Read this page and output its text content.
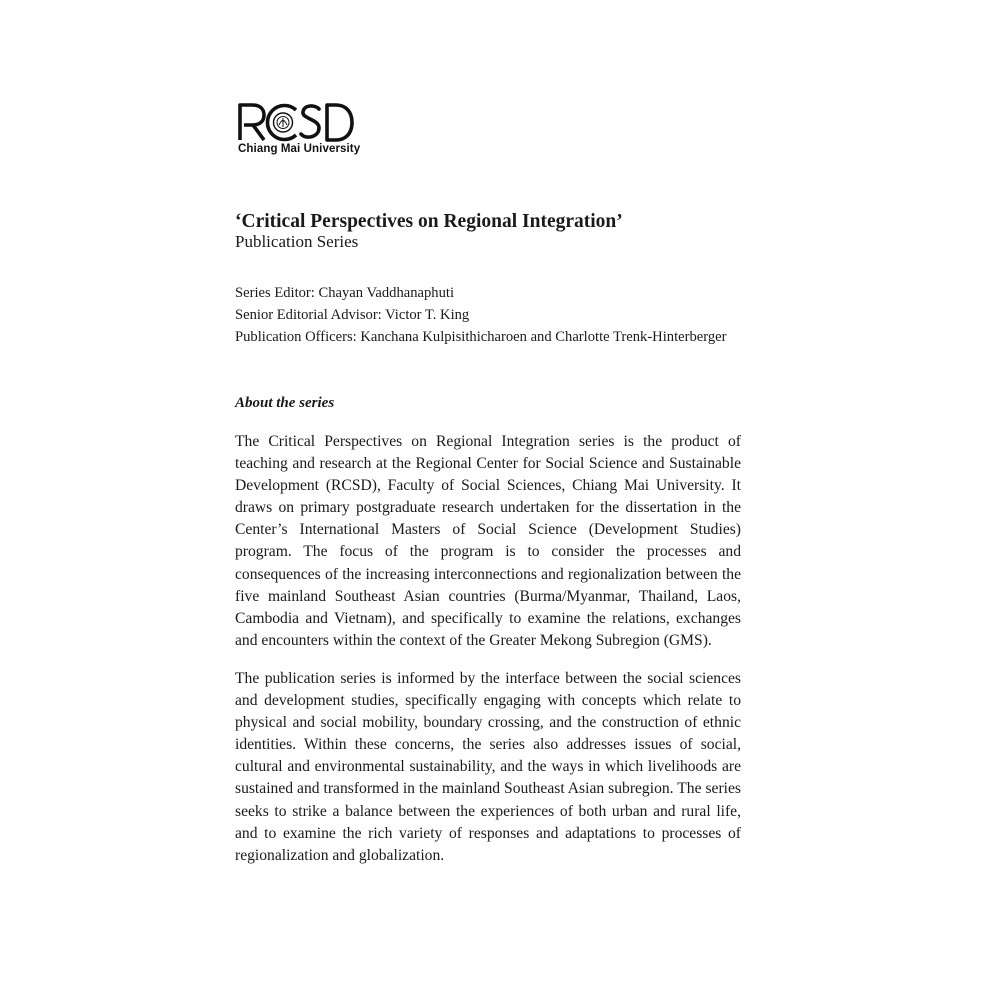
Chiang Mai University
‘Critical Perspectives on Regional Integration’
Publication Series
Series Editor: Chayan Vaddhanaphuti
Senior Editorial Advisor: Victor T. King
Publication Officers: Kanchana Kulpisithicharoen and Charlotte Trenk-Hinterberger
About the series

The Critical Perspectives on Regional Integration series is the product of teaching and research at the Regional Center for Social Science and Sustainable Development (RCSD), Faculty of Social Sciences, Chiang Mai University. It draws on primary postgraduate research undertaken for the dissertation in the Center’s International Masters of Social Science (Development Studies) program. The focus of the program is to consider the processes and consequences of the increasing interconnections and regionalization between the five mainland Southeast Asian countries (Burma/Myanmar, Thailand, Laos, Cambodia and Vietnam), and specifically to examine the relations, exchanges and encounters within the context of the Greater Mekong Subregion (GMS).

The publication series is informed by the interface between the social sciences and development studies, specifically engaging with concepts which relate to physical and social mobility, boundary crossing, and the construction of ethnic identities. Within these concerns, the series also addresses issues of social, cultural and environmental sustainability, and the ways in which livelihoods are sustained and transformed in the mainland Southeast Asian subregion. The series seeks to strike a balance between the experiences of both urban and rural life, and to examine the rich variety of responses and adaptations to processes of regionalization and globalization.
